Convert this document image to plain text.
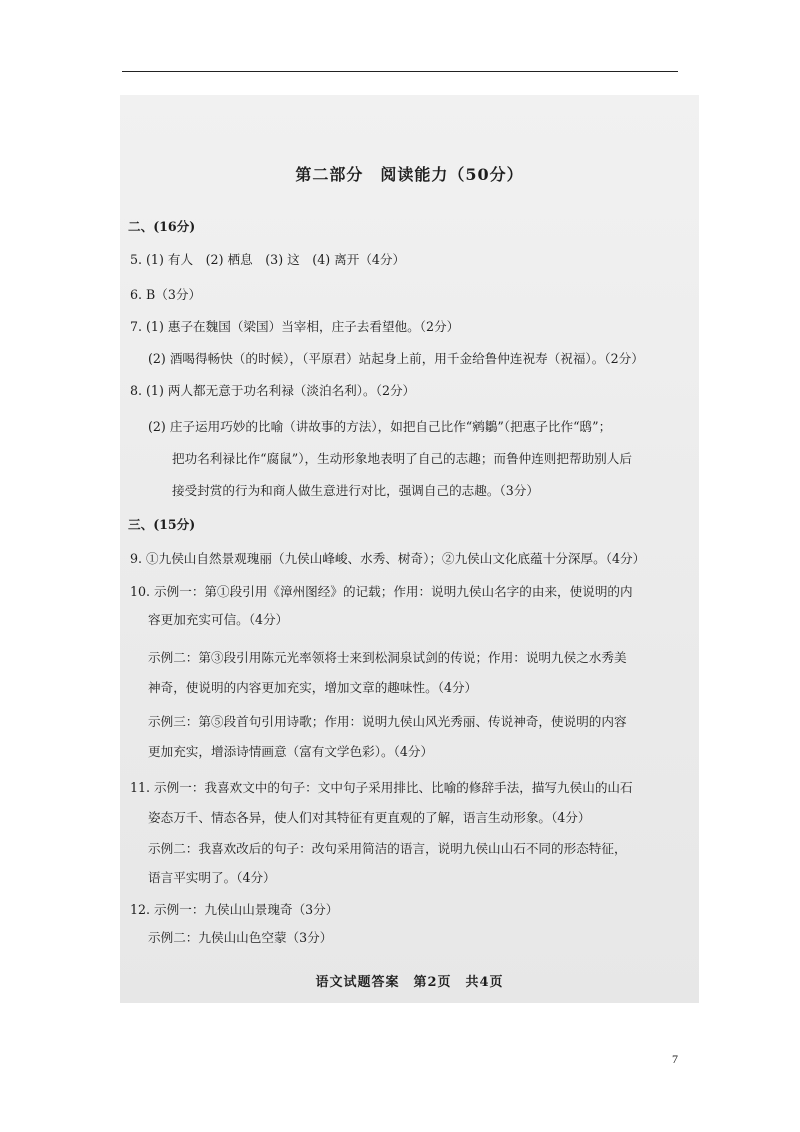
第二部分　阅读能力（50分）
二、(16分)
5. (1) 有人　(2) 栖息　(3) 这　(4) 离开（4分）
6. B（3分）
7. (1) 惠子在魏国（梁国）当宰相，庄子去看望他。（2分）
(2) 酒喝得畅快（的时候），（平原君）站起身上前，用千金给鲁仲连祝寿（祝福）。（2分）
8. (1) 两人都无意于功名利禄（淡泊名利）。（2分）
(2) 庄子运用巧妙的比喻（讲故事的方法），如把自己比作“鹓鶵”（把惠子比作“鸱”；
把功名利禄比作“腐鼠”），生动形象地表明了自己的志趣；而鲁仲连则把帮助别人后
接受封赏的行为和商人做生意进行对比，强调自己的志趣。（3分）
三、(15分)
9. ①九侯山自然景观瑰丽（九侯山峰峻、水秀、树奇）；②九侯山文化底蕴十分深厚。（4分）
10. 示例一：第①段引用《漳州图经》的记载；作用：说明九侯山名字的由来，使说明的内
容更加充实可信。（4分）
示例二：第③段引用陈元光率领将士来到松洞泉试剑的传说；作用：说明九侯之水秀美
神奇，使说明的内容更加充实，增加文章的趣味性。（4分）
示例三：第⑤段首句引用诗歌；作用：说明九侯山风光秀丽、传说神奇，使说明的内容
更加充实，增添诗情画意（富有文学色彩）。（4分）
11. 示例一：我喜欢文中的句子：文中句子采用排比、比喻的修辞手法，描写九侯山的山石
姿态万千、情态各异，使人们对其特征有更直观的了解，语言生动形象。（4分）
示例二：我喜欢改后的句子：改句采用简洁的语言，说明九侯山山石不同的形态特征，
语言平实明了。（4分）
12. 示例一：九侯山山景瑰奇（3分）
示例二：九侯山山色空蒙（3分）
语文试题答案　第2页　共4页
7
